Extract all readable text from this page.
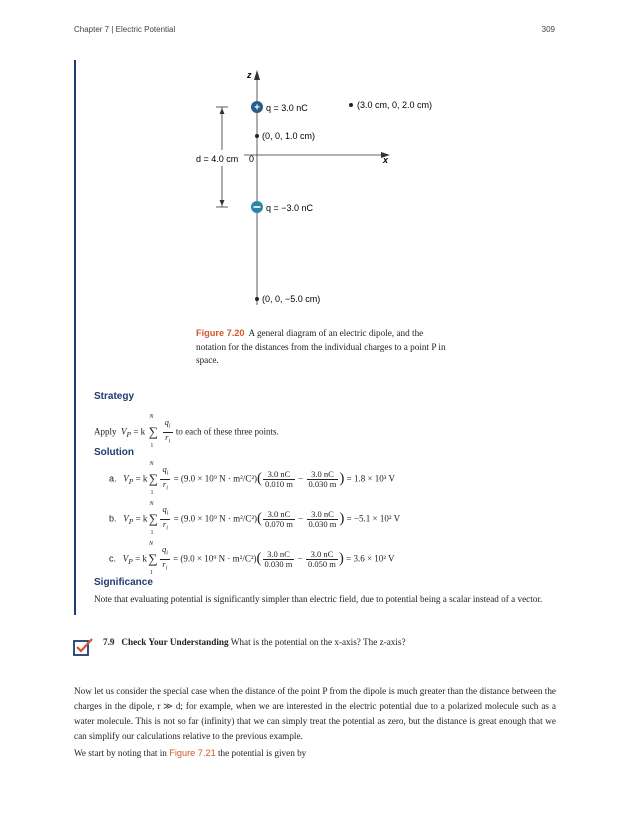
Chapter 7 | Electric Potential	309
+
z
x
0
q = 3.0 nC
q = −3.0 nC
d = 4.0 cm
(0, 0, 1.0 cm)
(0, 0, −5.0 cm)
(3.0 cm, 0, 2.0 cm)
Figure 7.20 A general diagram of an electric dipole, and the notation for the distances from the individual charges to a point P in space.
Strategy
Apply $V_P = k$ ∑
N
1
$\frac{q_i}{r_i}$ to each of these three points.
Solution
a. $V_P = k\sum$
N
$1 \frac{q_i}{r_i} = (9.0 \times 10^9$ $N \cdot m^2/C^2)( \frac{3.0 nC}{0.010 m} - \frac{3.0 nC}{0.030 m}$ ) = 1.8 × 10³ V
b. $V_P = k\sum$
N
$1 \frac{q_i}{r_i} = (9.0 \times 10^9$ $N \cdot m^2/C^2)( \frac{3.0 nC}{0.070 m} - \frac{3.0 nC}{0.030 m}$ ) = −5.1 × 10² V
c. $V_P = k\sum$
N
$1 \frac{q_i}{r_i} = (9.0 \times 10^9$ $N \cdot m^2/C^2)( \frac{3.0 nC}{0.030 m} - \frac{3.0 nC}{0.050 m}$ ) = 3.6 × 10² V
Significance
Note that evaluating potential is significantly simpler than electric field, due to potential being a scalar instead of a vector.
7.9 Check Your Understanding What is the potential on the x-axis? The z-axis?
Now let us consider the special case when the distance of the point P from the dipole is much greater than the distance between the charges in the dipole, r ≫ d; for example, when we are interested in the electric potential due to a polarized molecule such as a water molecule. This is not so far (infinity) that we can simply treat the potential as zero, but the distance is great enough that we can simplify our calculations relative to the previous example.
We start by noting that in Figure 7.21 the potential is given by
